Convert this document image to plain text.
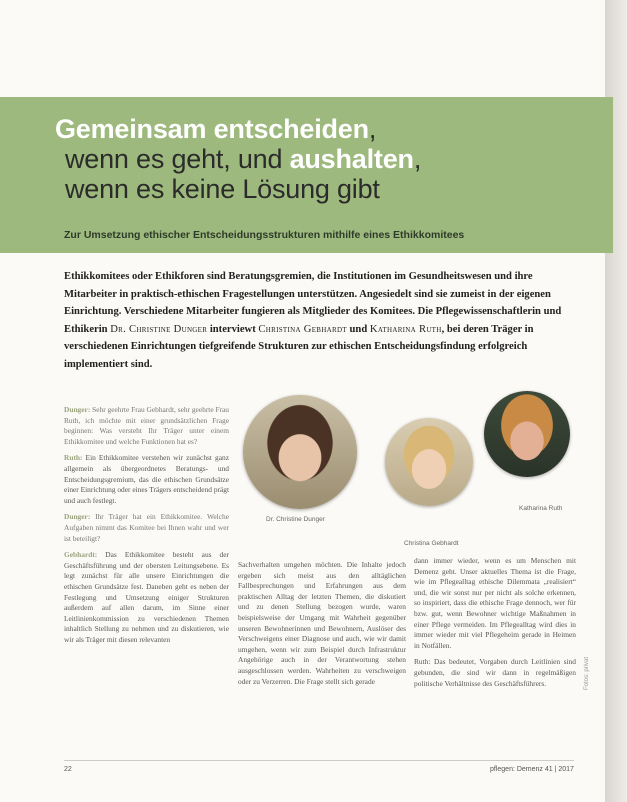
Gemeinsam entscheiden,
wenn es geht, und aushalten,
wenn es keine Lösung gibt

Zur Umsetzung ethischer Entscheidungsstrukturen mithilfe eines Ethikkomitees

Ethikkomitees oder Ethikforen sind Beratungsgremien, die Institutionen im Gesundheitswesen und ihre Mitarbeiter in praktisch-ethischen Fragestellungen unterstützen. Angesiedelt sind sie zumeist in der eigenen Einrichtung. Verschiedene Mitarbeiter fungieren als Mitglieder des Komitees. Die Pflegewissenschaftlerin und Ethikerin Dr. Christine Dunger interviewt Christina Gebhardt und Katharina Ruth, bei deren Träger in verschiedenen Einrichtungen tiefgreifende Strukturen zur ethischen Entscheidungsfindung erfolgreich implementiert sind.

Dunger: Sehr geehrte Frau Gebhardt, sehr geehrte Frau Ruth, ich möchte mit einer grundsätzlichen Frage beginnen: Was versteht Ihr Träger unter einem Ethikkomitee und welche Funktionen hat es?

Ruth: Ein Ethikkomitee verstehen wir zunächst ganz allgemein als übergeordnetes Beratungs- und Entscheidungsgremium, das die ethischen Grundsätze einer Einrichtung oder eines Trägers entscheidend prägt und auch festlegt.

Dunger: Ihr Träger hat ein Ethikkomitee. Welche Aufgaben nimmt das Komitee bei Ihnen wahr und wer ist beteiligt?

Gebhardt: Das Ethikkomitee besteht aus der Geschäftsführung und der obersten Leitungsebene. Es legt zunächst für alle unsere Einrichtungen die ethischen Grundsätze fest. Daneben geht es neben der Festlegung und Umsetzung einiger Strukturen außerdem auf allen darum, im Sinne einer Leitlinienkommission zu verschiedenen Themen inhaltlich Stellung zu nehmen und zu diskutieren, wie wir als Träger mit diesen relevanten

Dr. Christine Dunger
Christina Gebhardt
Katharina Ruth

Sachverhalten umgehen möchten. Die Inhalte jedoch ergeben sich meist aus den alltäglichen Fallbesprechungen und Erfahrungen aus dem praktischen Alltag der letzten Themen, die diskutiert und zu denen Stellung bezogen wurde, waren beispielsweise der Umgang mit Wahrheit gegenüber unseren Bewohnerinnen und Bewohnern, Auslöser des Verschweigens einer Diagnose und auch, wie wir damit umgehen, wenn wir zum Beispiel durch Infrastruktur Angehörige auch in der Verantwortung stehen ausgeschlossen werden. Wahrheiten zu verschweigen oder zu Verzerren. Die Frage stellt sich gerade

dann immer wieder, wenn es um Menschen mit Demenz geht. Unser aktuelles Thema ist die Frage, wie im Pflegealltag ethische Dilemmata „realisiert“ und, die wir sonst nur per nicht als solche erkennen, so inspiriert, dass die ethische Frage dennoch, wer für bzw. gut, wenn Bewohner wichtige Maßnahmen in einer Pflege vermeiden. Im Pflegealltag wird dies in immer wieder mit viel Pflegeheim gerade in Heimen in Notfällen.

Ruth: Das bedeutet, Vorgaben durch Leitlinien sind gebunden, die sind wir dann in regelmäßigen politische Verhältnisse des Geschäftsführers.	Fotos: privat
22	pflegen: Demenz 41 | 2017
